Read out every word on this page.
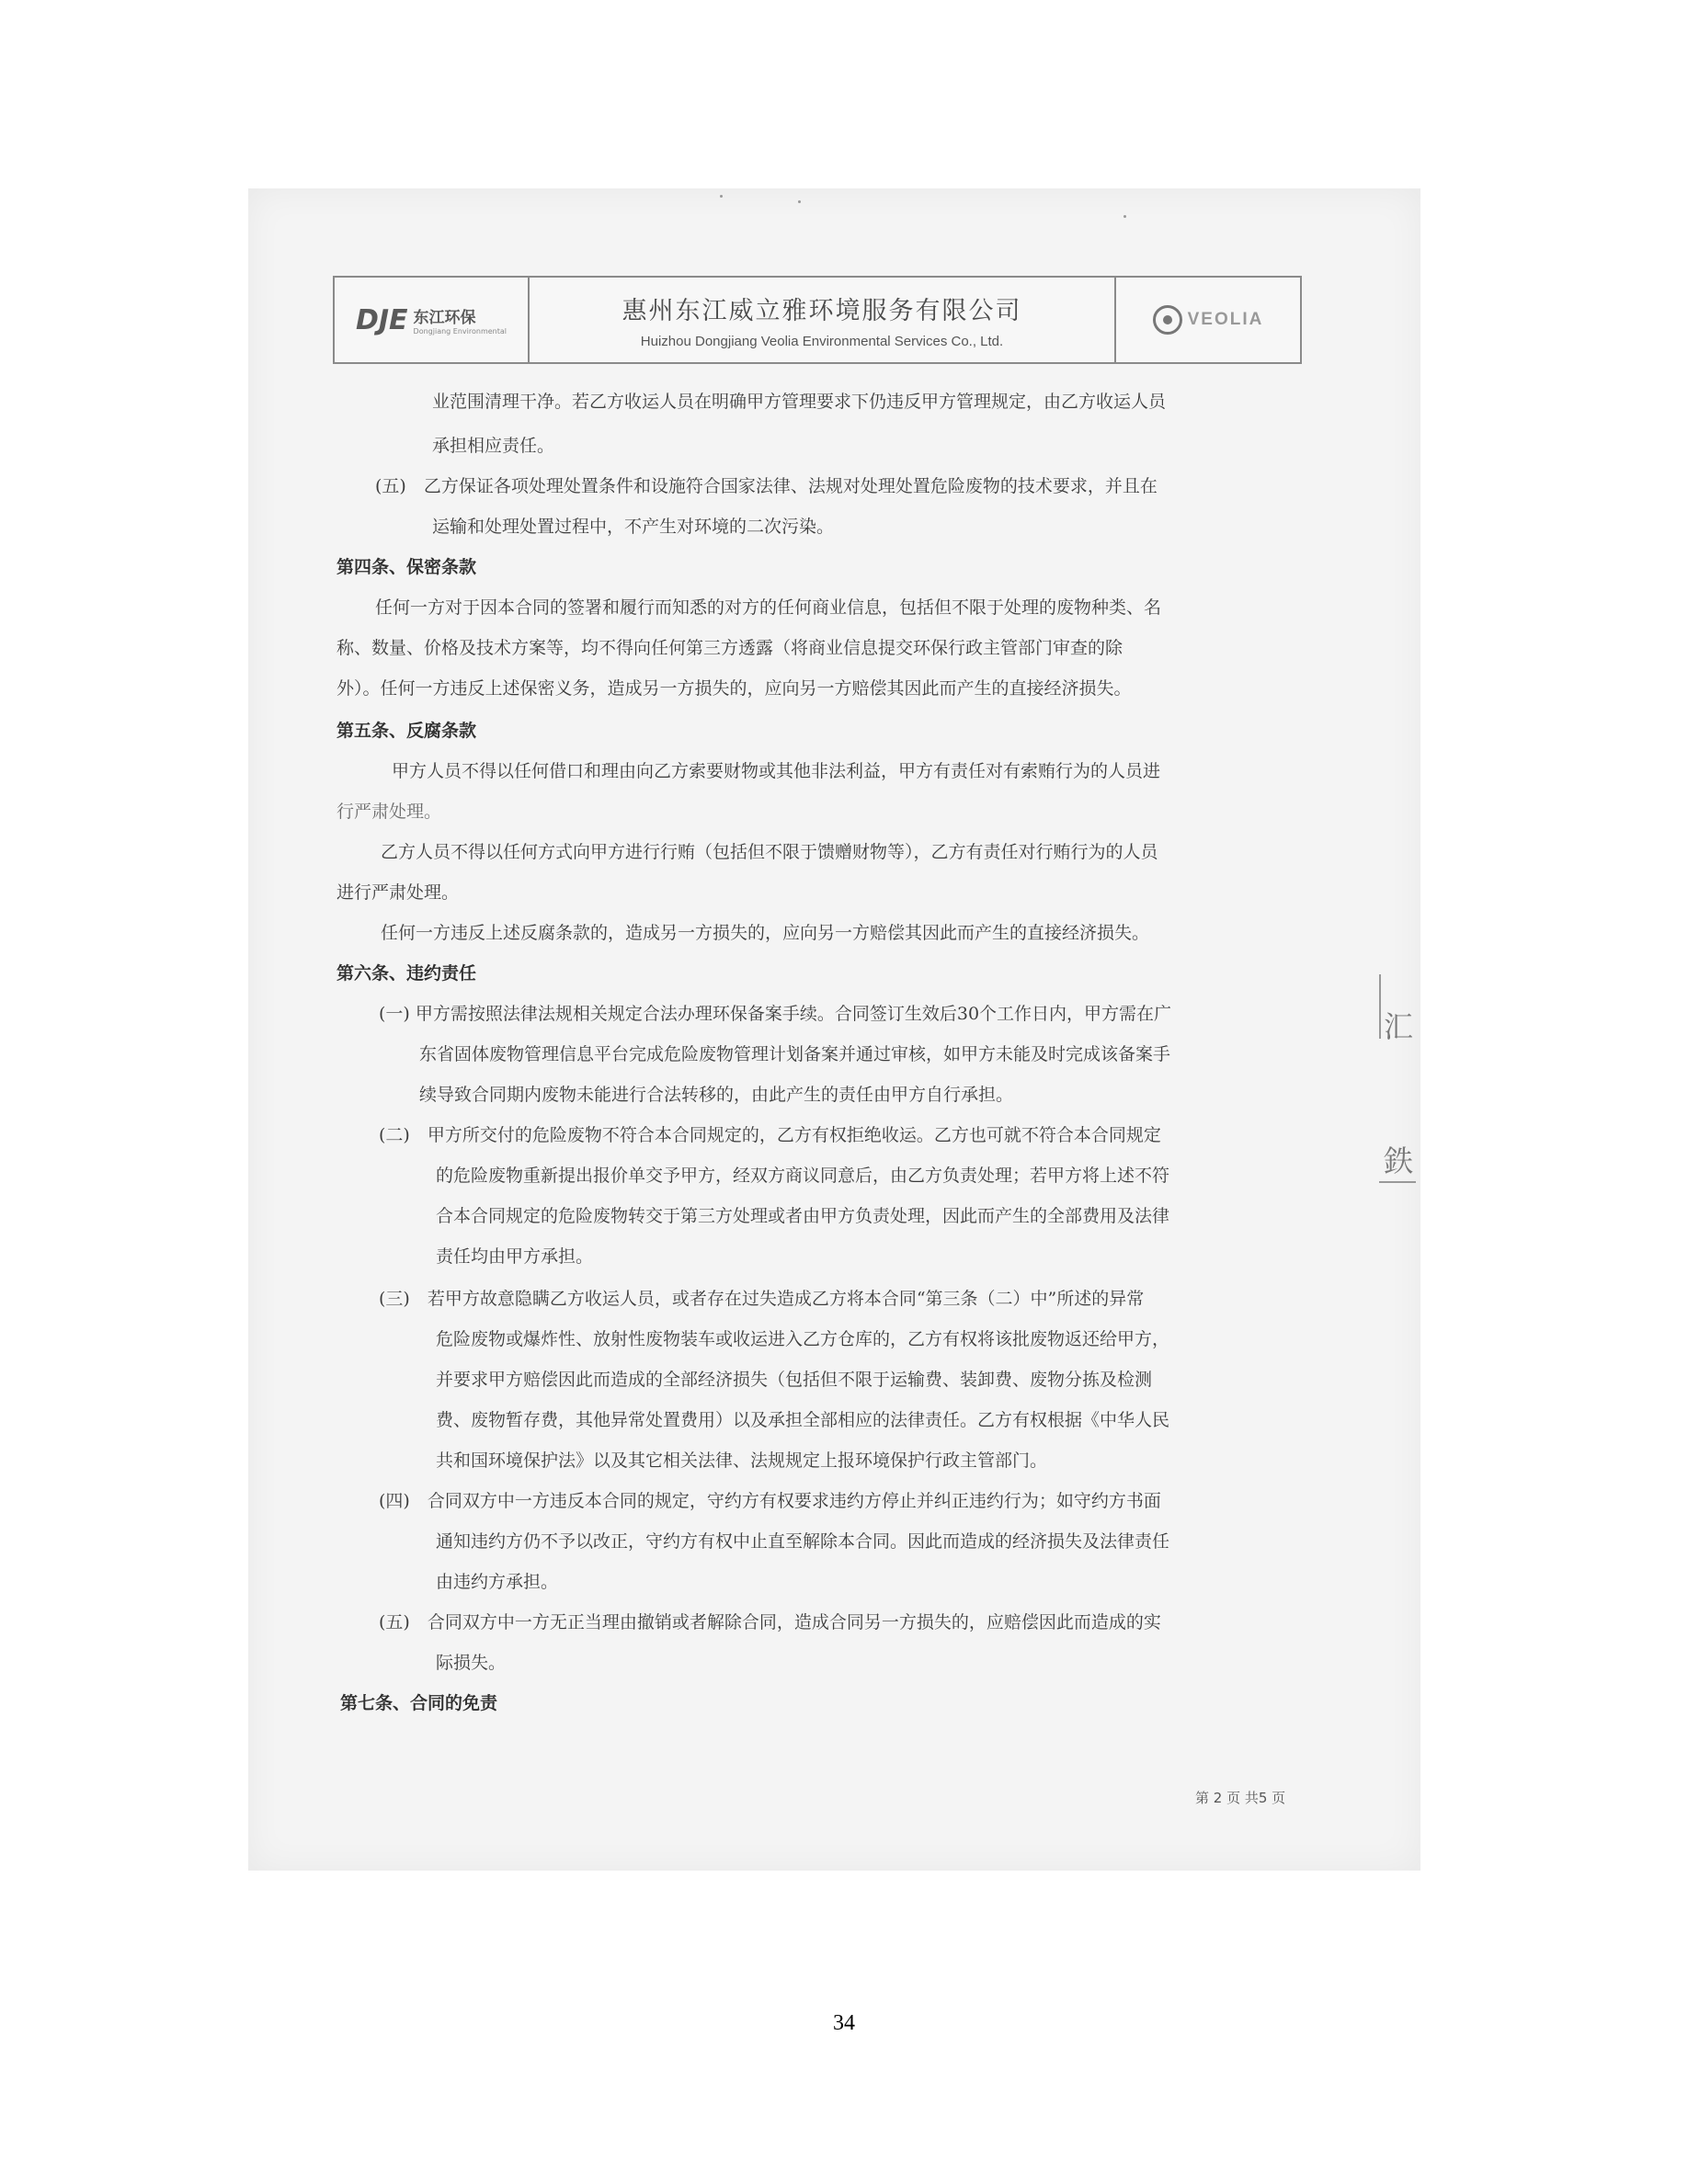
DJE 东江环保
Dongjiang Environmental
惠州东江威立雅环境服务有限公司
Huizhou Dongjiang Veolia Environmental Services Co., Ltd.
VEOLIA
业范围清理干净。若乙方收运人员在明确甲方管理要求下仍违反甲方管理规定，由乙方收运人员
承担相应责任。
(五)　乙方保证各项处理处置条件和设施符合国家法律、法规对处理处置危险废物的技术要求，并且在
运输和处理处置过程中，不产生对环境的二次污染。
第四条、保密条款
任何一方对于因本合同的签署和履行而知悉的对方的任何商业信息，包括但不限于处理的废物种类、名
称、数量、价格及技术方案等，均不得向任何第三方透露（将商业信息提交环保行政主管部门审查的除
外）。任何一方违反上述保密义务，造成另一方损失的，应向另一方赔偿其因此而产生的直接经济损失。
第五条、反腐条款
甲方人员不得以任何借口和理由向乙方索要财物或其他非法利益，甲方有责任对有索贿行为的人员进
行严肃处理。
乙方人员不得以任何方式向甲方进行行贿（包括但不限于馈赠财物等），乙方有责任对行贿行为的人员
进行严肃处理。
任何一方违反上述反腐条款的，造成另一方损失的，应向另一方赔偿其因此而产生的直接经济损失。
第六条、违约责任
(一) 甲方需按照法律法规相关规定合法办理环保备案手续。合同签订生效后30个工作日内，甲方需在广
东省固体废物管理信息平台完成危险废物管理计划备案并通过审核，如甲方未能及时完成该备案手
续导致合同期内废物未能进行合法转移的，由此产生的责任由甲方自行承担。
(二)　甲方所交付的危险废物不符合本合同规定的，乙方有权拒绝收运。乙方也可就不符合本合同规定
的危险废物重新提出报价单交予甲方，经双方商议同意后，由乙方负责处理；若甲方将上述不符
合本合同规定的危险废物转交于第三方处理或者由甲方负责处理，因此而产生的全部费用及法律
责任均由甲方承担。
(三)　若甲方故意隐瞒乙方收运人员，或者存在过失造成乙方将本合同“第三条（二）中”所述的异常
危险废物或爆炸性、放射性废物装车或收运进入乙方仓库的，乙方有权将该批废物返还给甲方，
并要求甲方赔偿因此而造成的全部经济损失（包括但不限于运输费、装卸费、废物分拣及检测
费、废物暂存费，其他异常处置费用）以及承担全部相应的法律责任。乙方有权根据《中华人民
共和国环境保护法》以及其它相关法律、法规规定上报环境保护行政主管部门。
(四)　合同双方中一方违反本合同的规定，守约方有权要求违约方停止并纠正违约行为；如守约方书面
通知违约方仍不予以改正，守约方有权中止直至解除本合同。因此而造成的经济损失及法律责任
由违约方承担。
(五)　合同双方中一方无正当理由撤销或者解除合同，造成合同另一方损失的，应赔偿因此而造成的实
际损失。
第七条、合同的免责
汇
鉄
第 2 页 共5 页
34
